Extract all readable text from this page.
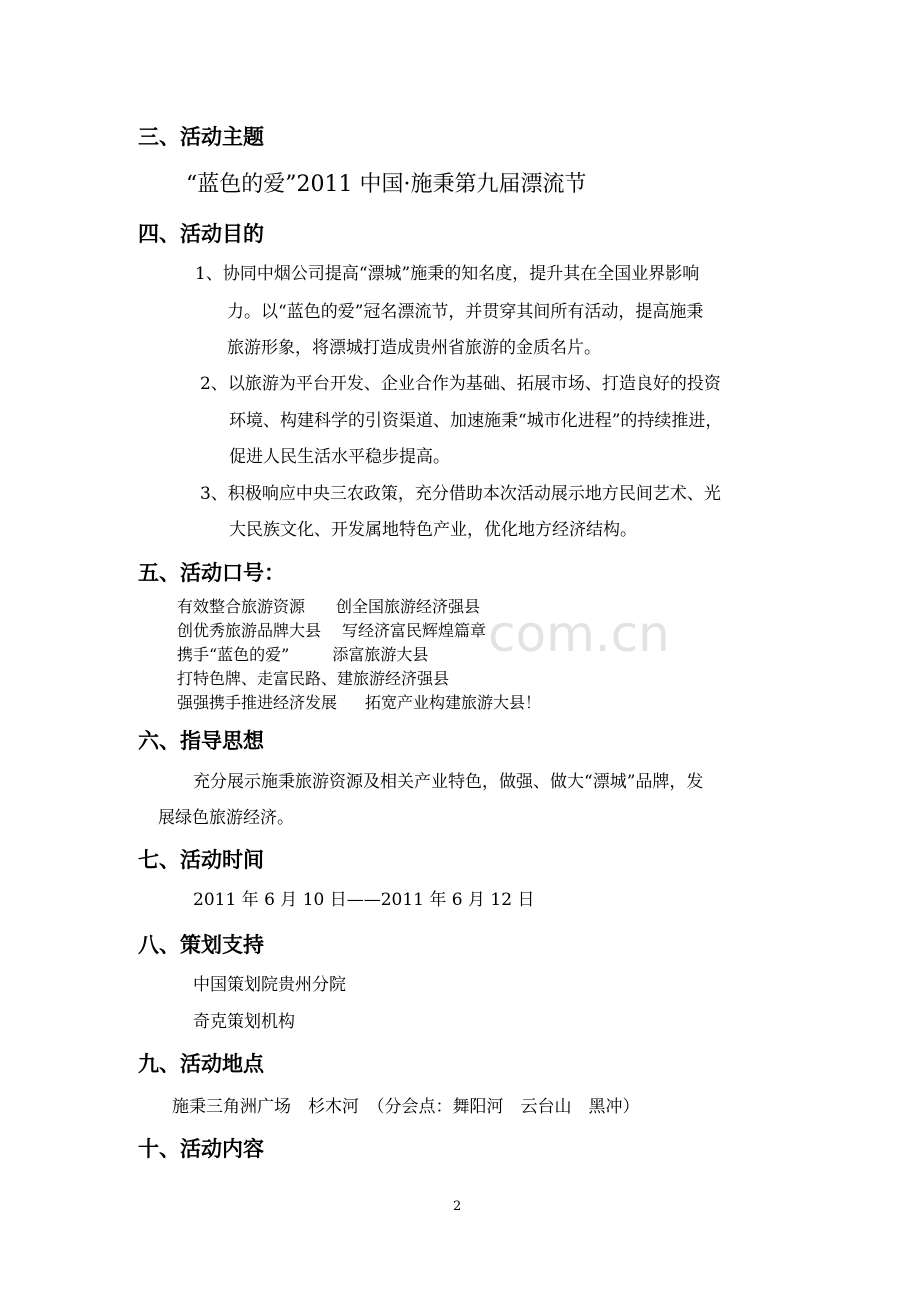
三、活动主题
“蓝色的爱”2011 中国·施秉第九届漂流节
四、活动目的
1、协同中烟公司提高“漂城”施秉的知名度，提升其在全国业界影响
力。以“蓝色的爱”冠名漂流节，并贯穿其间所有活动，提高施秉
旅游形象，将漂城打造成贵州省旅游的金质名片。
2、以旅游为平台开发、企业合作为基础、拓展市场、打造良好的投资
环境、构建科学的引资渠道、加速施秉“城市化进程”的持续推进，
促进人民生活水平稳步提高。
3、积极响应中央三农政策，充分借助本次活动展示地方民间艺术、光
大民族文化、开发属地特色产业，优化地方经济结构。
五、活动口号：
有效整合旅游资源 创全国旅游经济强县
创优秀旅游品牌大县 写经济富民辉煌篇章
携手“蓝色的爱”	添富旅游大县
打特色牌、走富民路、建旅游经济强县
强强携手推进经济发展 拓宽产业构建旅游大县！
六、指导思想
充分展示施秉旅游资源及相关产业特色，做强、做大“漂城”品牌，发
展绿色旅游经济。
七、活动时间
2011 年 6 月 10 日——2011 年 6 月 12 日
八、策划支持
中国策划院贵州分院
奇克策划机构
九、活动地点
施秉三角洲广场　杉木河　（分会点：舞阳河　云台山　黑冲）
十、活动内容
com.cn
2
